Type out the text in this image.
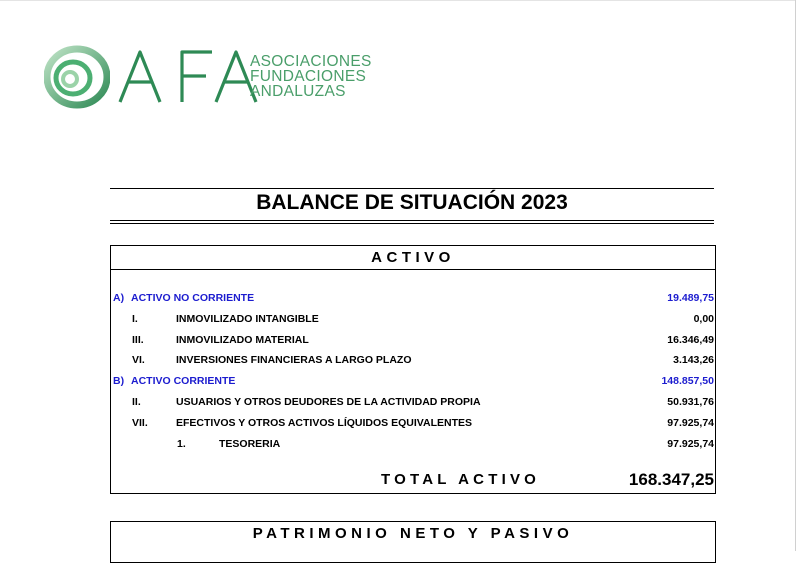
ASOCIACIONES
FUNDACIONES
ANDALUZAS
BALANCE DE SITUACIÓN 2023
ACTIVO
A) ACTIVO NO CORRIENTE	19.489,75
I.	INMOVILIZADO INTANGIBLE	0,00
III.	INMOVILIZADO MATERIAL	16.346,49
VI.	INVERSIONES FINANCIERAS A LARGO PLAZO	3.143,26
B) ACTIVO CORRIENTE	148.857,50
II.	USUARIOS Y OTROS DEUDORES DE LA ACTIVIDAD PROPIA	50.931,76
VII.	EFECTIVOS Y OTROS ACTIVOS LÍQUIDOS EQUIVALENTES	97.925,74
1.	TESORERIA	97.925,74
TOTAL ACTIVO	168.347,25
PATRIMONIO NETO Y PASIVO
